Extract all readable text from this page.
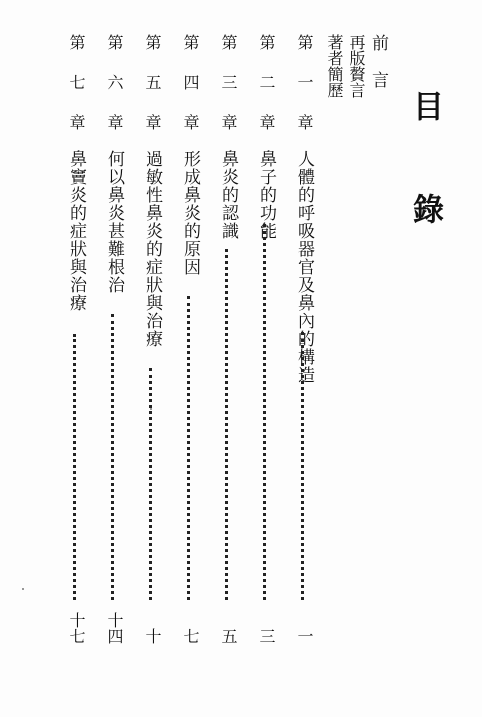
目 錄
前 言
再版贅言
著者簡歷
第一章
人體的呼吸器官及鼻內的構造
一
第二章
鼻子的功能
三
第三章
鼻炎的認識
五
第四章
形成鼻炎的原因
七
第五章
過敏性鼻炎的症狀與治療
十
第六章
何以鼻炎甚難根治
十四
第七章
鼻竇炎的症狀與治療
十七
